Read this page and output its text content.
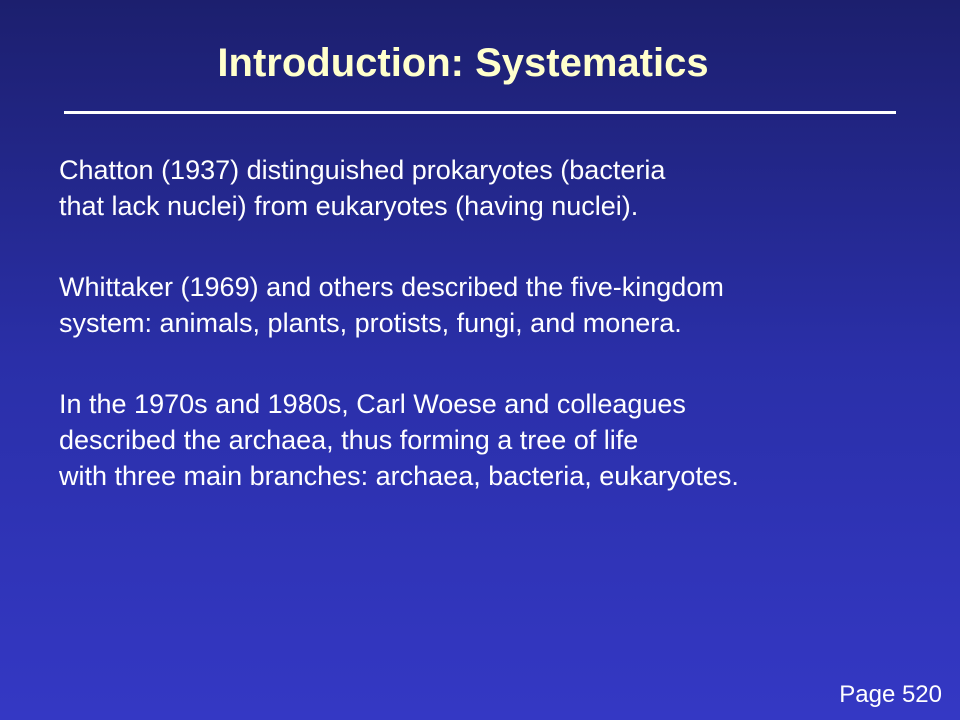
Introduction: Systematics

Chatton (1937) distinguished prokaryotes (bacteria
that lack nuclei) from eukaryotes (having nuclei).

Whittaker (1969) and others described the five-kingdom
system: animals, plants, protists, fungi, and monera.

In the 1970s and 1980s, Carl Woese and colleagues
described the archaea, thus forming a tree of life
with three main branches: archaea, bacteria, eukaryotes.

Page 520
